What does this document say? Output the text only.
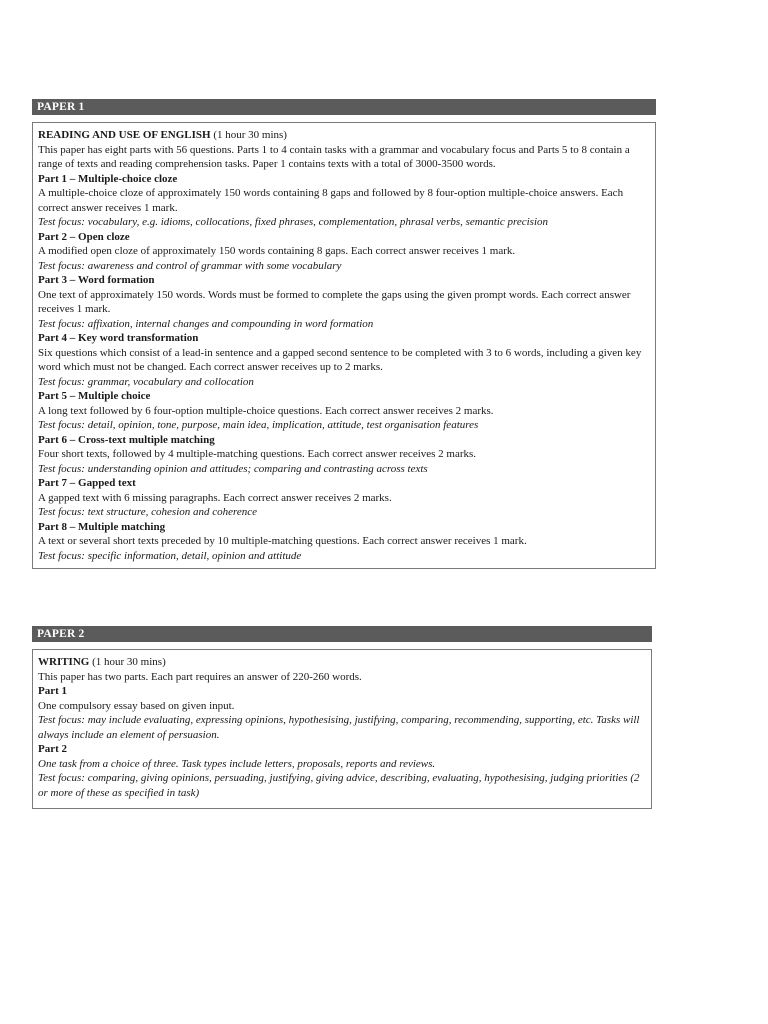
PAPER 1

READING AND USE OF ENGLISH (1 hour 30 mins)

This paper has eight parts with 56 questions. Parts 1 to 4 contain tasks with a grammar and vocabulary focus and Parts 5 to 8 contain a range of texts and reading comprehension tasks. Paper 1 contains texts with a total of 3000-3500 words.

Part 1 – Multiple-choice cloze

A multiple-choice cloze of approximately 150 words containing 8 gaps and followed by 8 four-option multiple-choice answers. Each correct answer receives 1 mark.

Test focus: vocabulary, e.g. idioms, collocations, fixed phrases, complementation, phrasal verbs, semantic precision

Part 2 – Open cloze

A modified open cloze of approximately 150 words containing 8 gaps. Each correct answer receives 1 mark.

Test focus: awareness and control of grammar with some vocabulary

Part 3 – Word formation

One text of approximately 150 words. Words must be formed to complete the gaps using the given prompt words. Each correct answer receives 1 mark.

Test focus: affixation, internal changes and compounding in word formation

Part 4 – Key word transformation

Six questions which consist of a lead-in sentence and a gapped second sentence to be completed with 3 to 6 words, including a given key word which must not be changed. Each correct answer receives up to 2 marks.

Test focus: grammar, vocabulary and collocation

Part 5 – Multiple choice

A long text followed by 6 four-option multiple-choice questions. Each correct answer receives 2 marks.

Test focus: detail, opinion, tone, purpose, main idea, implication, attitude, test organisation features

Part 6 – Cross-text multiple matching

Four short texts, followed by 4 multiple-matching questions. Each correct answer receives 2 marks.

Test focus: understanding opinion and attitudes; comparing and contrasting across texts

Part 7 – Gapped text

A gapped text with 6 missing paragraphs. Each correct answer receives 2 marks.

Test focus: text structure, cohesion and coherence

Part 8 – Multiple matching

A text or several short texts preceded by 10 multiple-matching questions. Each correct answer receives 1 mark.

Test focus: specific information, detail, opinion and attitude

PAPER 2

WRITING (1 hour 30 mins)

This paper has two parts. Each part requires an answer of 220-260 words.

Part 1

One compulsory essay based on given input.

Test focus: may include evaluating, expressing opinions, hypothesising, justifying, comparing, recommending, supporting, etc. Tasks will always include an element of persuasion.

Part 2

One task from a choice of three. Task types include letters, proposals, reports and reviews.

Test focus: comparing, giving opinions, persuading, justifying, giving advice, describing, evaluating, hypothesising, judging priorities (2 or more of these as specified in task)
